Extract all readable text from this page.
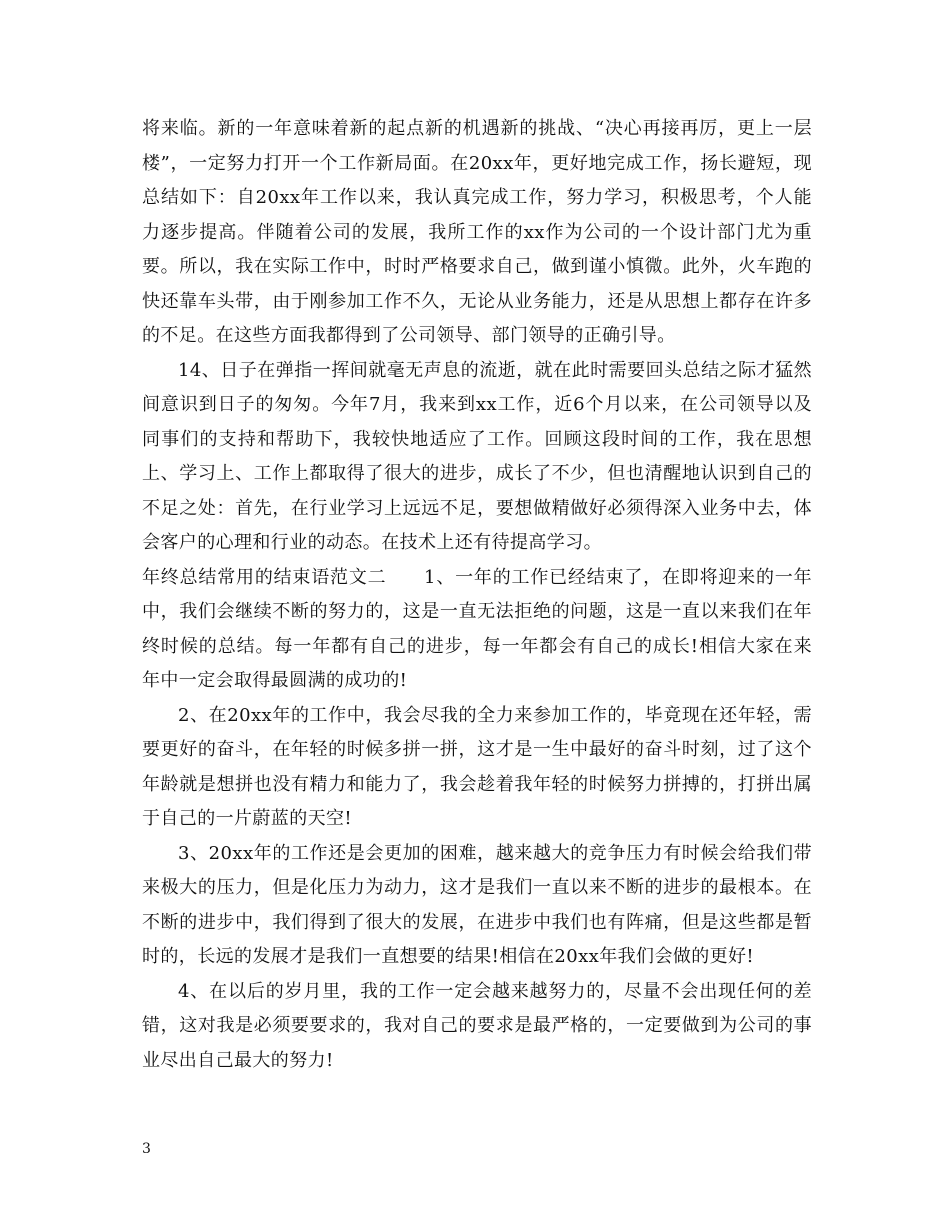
将来临。新的一年意味着新的起点新的机遇新的挑战、“决心再接再厉，更上一层楼”，一定努力打开一个工作新局面。在20xx年，更好地完成工作，扬长避短，现总结如下：自20xx年工作以来，我认真完成工作，努力学习，积极思考，个人能力逐步提高。伴随着公司的发展，我所工作的xx作为公司的一个设计部门尤为重要。所以，我在实际工作中，时时严格要求自己，做到谨小慎微。此外，火车跑的快还靠车头带，由于刚参加工作不久，无论从业务能力，还是从思想上都存在许多的不足。在这些方面我都得到了公司领导、部门领导的正确引导。

14、日子在弹指一挥间就毫无声息的流逝，就在此时需要回头总结之际才猛然间意识到日子的匆匆。今年7月，我来到xx工作，近6个月以来，在公司领导以及同事们的支持和帮助下，我较快地适应了工作。回顾这段时间的工作，我在思想上、学习上、工作上都取得了很大的进步，成长了不少，但也清醒地认识到自己的不足之处：首先，在行业学习上远远不足，要想做精做好必须得深入业务中去，体会客户的心理和行业的动态。在技术上还有待提高学习。

年终总结常用的结束语范文二　　1、一年的工作已经结束了，在即将迎来的一年中，我们会继续不断的努力的，这是一直无法拒绝的问题，这是一直以来我们在年终时候的总结。每一年都有自己的进步，每一年都会有自己的成长!相信大家在来年中一定会取得最圆满的成功的!

2、在20xx年的工作中，我会尽我的全力来参加工作的，毕竟现在还年轻，需要更好的奋斗，在年轻的时候多拼一拼，这才是一生中最好的奋斗时刻，过了这个年龄就是想拼也没有精力和能力了，我会趁着我年轻的时候努力拼搏的，打拼出属于自己的一片蔚蓝的天空!

3、20xx年的工作还是会更加的困难，越来越大的竞争压力有时候会给我们带来极大的压力，但是化压力为动力，这才是我们一直以来不断的进步的最根本。在不断的进步中，我们得到了很大的发展，在进步中我们也有阵痛，但是这些都是暂时的，长远的发展才是我们一直想要的结果!相信在20xx年我们会做的更好!

4、在以后的岁月里，我的工作一定会越来越努力的，尽量不会出现任何的差错，这对我是必须要要求的，我对自己的要求是最严格的，一定要做到为公司的事业尽出自己最大的努力!

3
